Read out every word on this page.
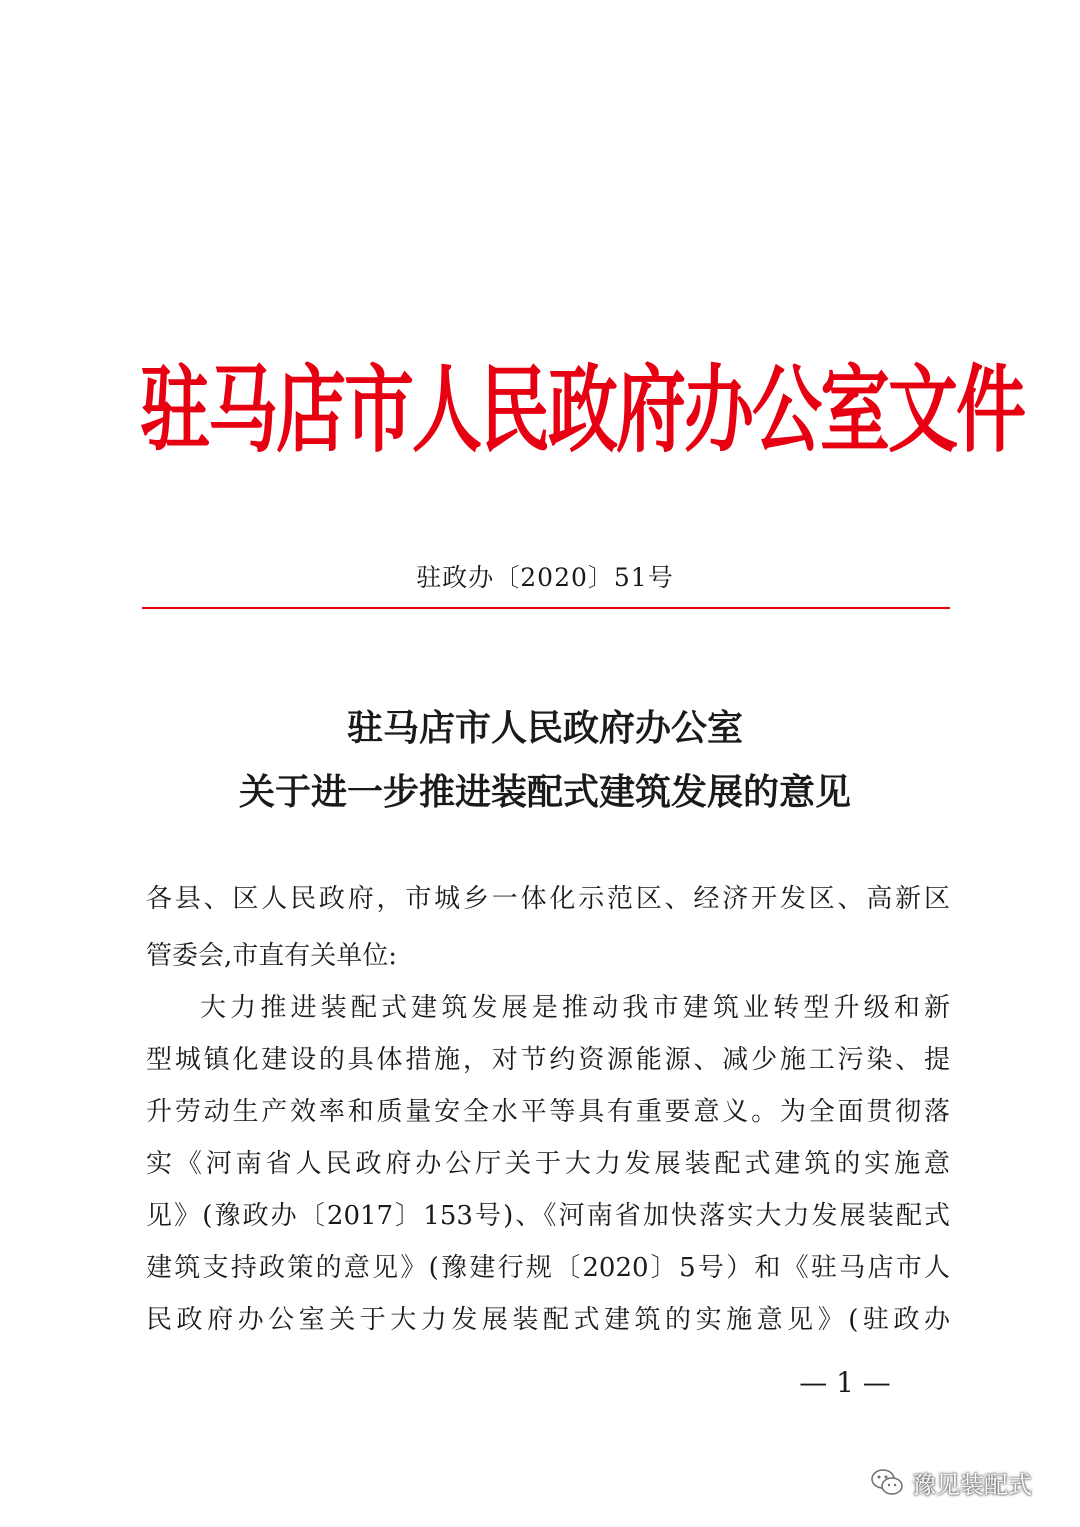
驻马店市人民政府办公室文件
驻政办〔2020〕51号
驻马店市人民政府办公室
关于进一步推进装配式建筑发展的意见
各县、区人民政府，市城乡一体化示范区、经济开发区、高新区
管委会,市直有关单位:
大力推进装配式建筑发展是推动我市建筑业转型升级和新
型城镇化建设的具体措施，对节约资源能源、减少施工污染、提
升劳动生产效率和质量安全水平等具有重要意义。为全面贯彻落
实《河南省人民政府办公厅关于大力发展装配式建筑的实施意
见》(豫政办〔2017〕153号)、《河南省加快落实大力发展装配式
建筑支持政策的意见》(豫建行规〔2020〕5号）和《驻马店市人
民政府办公室关于大力发展装配式建筑的实施意见》(驻政办
— 1 —
豫见装配式
